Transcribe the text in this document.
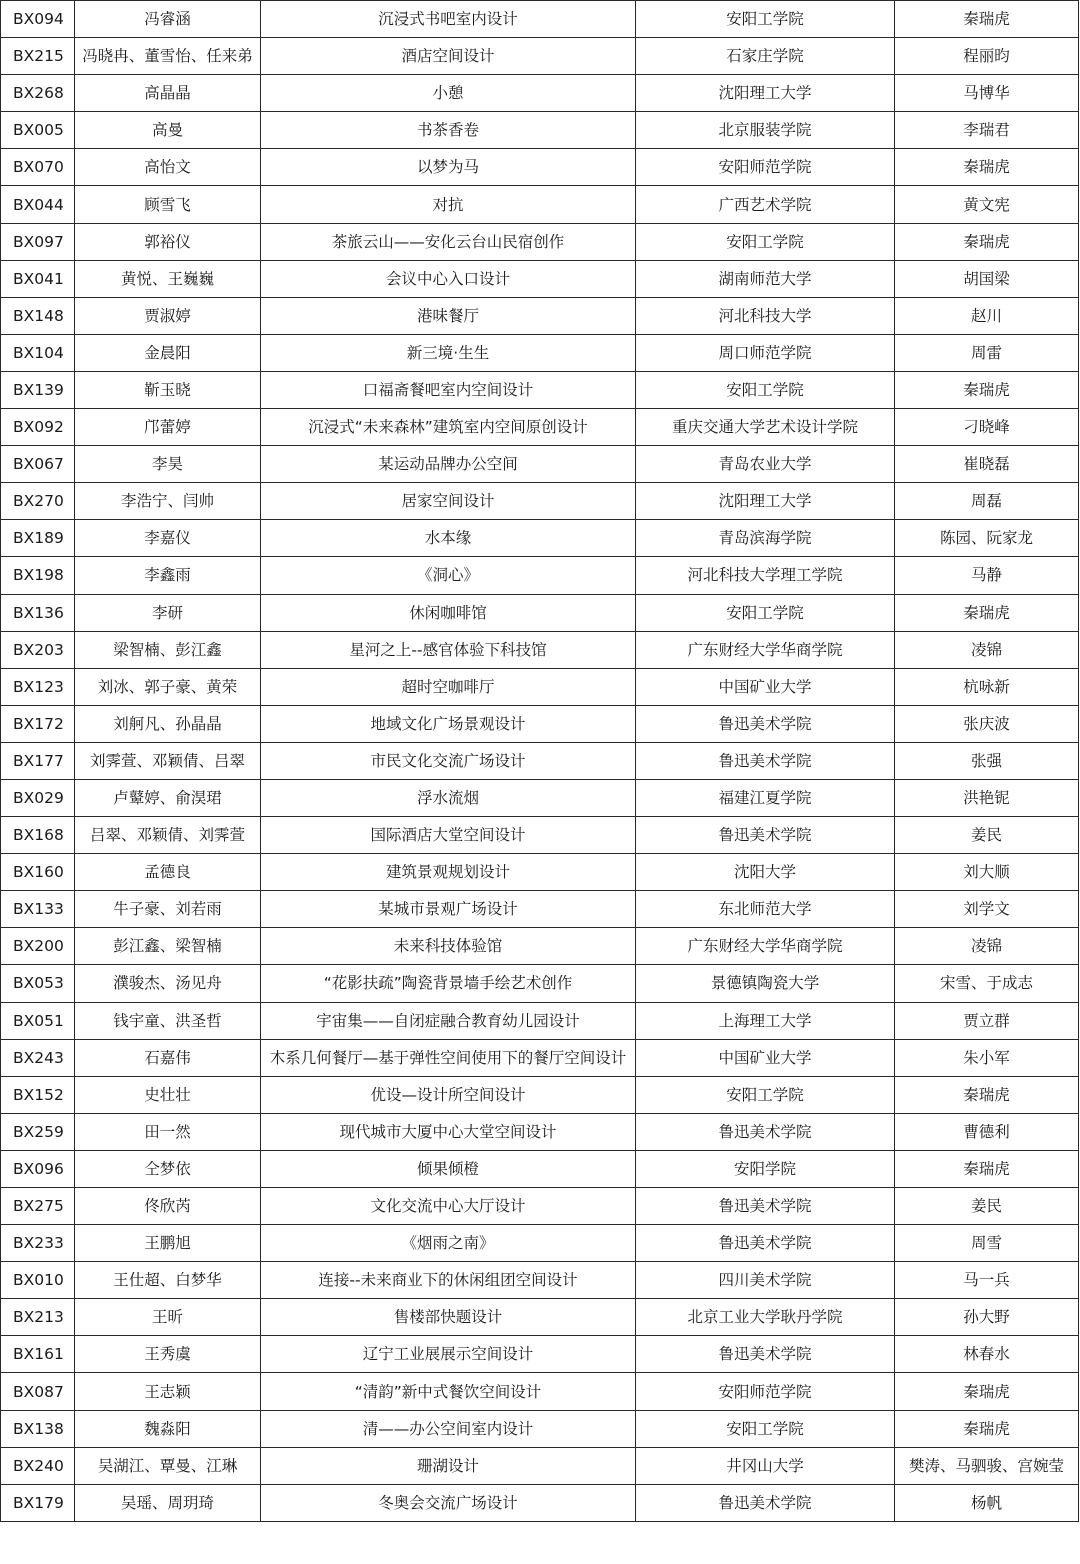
BX094	冯睿涵	沉浸式书吧室内设计	安阳工学院	秦瑞虎
BX215	冯晓冉、董雪怡、任来弟	酒店空间设计	石家庄学院	程丽昀
BX268	高晶晶	小憩	沈阳理工大学	马博华
BX005	高曼	书茶香卷	北京服装学院	李瑞君
BX070	高怡文	以梦为马	安阳师范学院	秦瑞虎
BX044	顾雪飞	对抗	广西艺术学院	黄文宪
BX097	郭裕仪	茶旅云山——安化云台山民宿创作	安阳工学院	秦瑞虎
BX041	黄悦、王巍巍	会议中心入口设计	湖南师范大学	胡国梁
BX148	贾淑婷	港味餐厅	河北科技大学	赵川
BX104	金晨阳	新三境·生生	周口师范学院	周雷
BX139	靳玉晓	口福斋餐吧室内空间设计	安阳工学院	秦瑞虎
BX092	邝蕾婷	沉浸式“未来森林”建筑室内空间原创设计	重庆交通大学艺术设计学院	刁晓峰
BX067	李昊	某运动品牌办公空间	青岛农业大学	崔晓磊
BX270	李浩宁、闫帅	居家空间设计	沈阳理工大学	周磊
BX189	李嘉仪	水本缘	青岛滨海学院	陈园、阮家龙
BX198	李鑫雨	《洞心》	河北科技大学理工学院	马静
BX136	李研	休闲咖啡馆	安阳工学院	秦瑞虎
BX203	梁智楠、彭江鑫	星河之上--感官体验下科技馆	广东财经大学华商学院	凌锦
BX123	刘冰、郭子豪、黄荣	超时空咖啡厅	中国矿业大学	杭咏新
BX172	刘舸凡、孙晶晶	地域文化广场景观设计	鲁迅美术学院	张庆波
BX177	刘霁萱、邓颖倩、吕翠	市民文化交流广场设计	鲁迅美术学院	张强
BX029	卢鼙婷、俞淏珺	浮水流烟	福建江夏学院	洪艳铌
BX168	吕翠、邓颖倩、刘霁萱	国际酒店大堂空间设计	鲁迅美术学院	姜民
BX160	孟德良	建筑景观规划设计	沈阳大学	刘大顺
BX133	牛子豪、刘若雨	某城市景观广场设计	东北师范大学	刘学文
BX200	彭江鑫、梁智楠	未来科技体验馆	广东财经大学华商学院	凌锦
BX053	濮骏杰、汤见舟	“花影扶疏”陶瓷背景墙手绘艺术创作	景德镇陶瓷大学	宋雪、于成志
BX051	钱宇童、洪圣哲	宇宙集——自闭症融合教育幼儿园设计	上海理工大学	贾立群
BX243	石嘉伟	木系几何餐厅—基于弹性空间使用下的餐厅空间设计	中国矿业大学	朱小军
BX152	史壮壮	优设—设计所空间设计	安阳工学院	秦瑞虎
BX259	田一然	现代城市大厦中心大堂空间设计	鲁迅美术学院	曹德利
BX096	仝梦依	倾果倾橙	安阳学院	秦瑞虎
BX275	佟欣芮	文化交流中心大厅设计	鲁迅美术学院	姜民
BX233	王鹏旭	《烟雨之南》	鲁迅美术学院	周雪
BX010	王仕超、白梦华	连接--未来商业下的休闲组团空间设计	四川美术学院	马一兵
BX213	王昕	售楼部快题设计	北京工业大学耿丹学院	孙大野
BX161	王秀虞	辽宁工业展展示空间设计	鲁迅美术学院	林春水
BX087	王志颖	“清韵”新中式餐饮空间设计	安阳师范学院	秦瑞虎
BX138	魏淼阳	清——办公空间室内设计	安阳工学院	秦瑞虎
BX240	吴湖江、覃曼、江琳	珊湖设计	井冈山大学	樊涛、马驷骏、宫婉莹
BX179	吴瑶、周玥琦	冬奥会交流广场设计	鲁迅美术学院	杨帆
